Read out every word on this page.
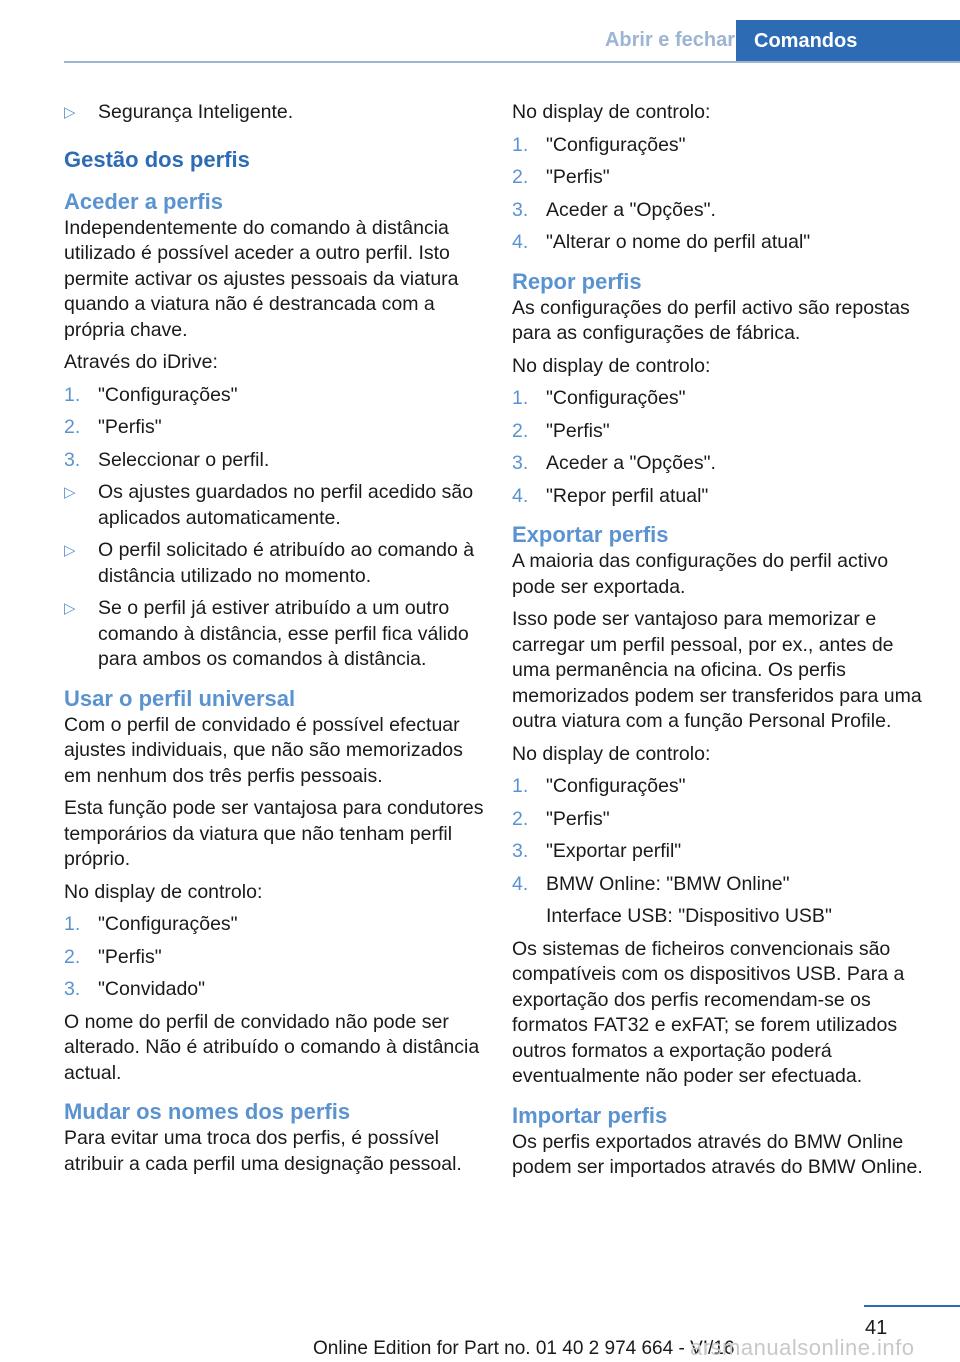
Abrir e fechar Comandos
▷	Segurança Inteligente.
Gestão dos perfis
Aceder a perfis

Independentemente do comando à distância utilizado é possível aceder a outro perfil. Isto permite activar os ajustes pessoais da viatura quando a viatura não é destrancada com a própria chave.

Através do iDrive:

1. "Configurações"
2. "Perfis"
3. Seleccionar o perfil.
▷	Os ajustes guardados no perfil acedido são aplicados automaticamente.
▷	O perfil solicitado é atribuído ao comando à distância utilizado no momento.
▷	Se o perfil já estiver atribuído a um outro comando à distância, esse perfil fica válido para ambos os comandos à distância.
Usar o perfil universal

Com o perfil de convidado é possível efectuar ajustes individuais, que não são memorizados em nenhum dos três perfis pessoais.

Esta função pode ser vantajosa para condutores temporários da viatura que não tenham perfil próprio.

No display de controlo:

1. "Configurações"
2. "Perfis"
3. "Convidado"

O nome do perfil de convidado não pode ser alterado. Não é atribuído o comando à distância actual.

Mudar os nomes dos perfis

Para evitar uma troca dos perfis, é possível atribuir a cada perfil uma designação pessoal.

No display de controlo:

1. "Configurações"
2. "Perfis"
3. Aceder a "Opções".
4. "Alterar o nome do perfil atual"
Repor perfis

As configurações do perfil activo são repostas para as configurações de fábrica.

No display de controlo:

1. "Configurações"
2. "Perfis"
3. Aceder a "Opções".
4. "Repor perfil atual"
Exportar perfis

A maioria das configurações do perfil activo pode ser exportada.

Isso pode ser vantajoso para memorizar e carregar um perfil pessoal, por ex., antes de uma permanência na oficina. Os perfis memorizados podem ser transferidos para uma outra viatura com a função Personal Profile.

No display de controlo:

1. "Configurações"
2. "Perfis"
3. "Exportar perfil"
4. BMW Online: "BMW Online"
Interface USB: "Dispositivo USB"

Os sistemas de ficheiros convencionais são compatíveis com os dispositivos USB. Para a exportação dos perfis recomendam-se os formatos FAT32 e exFAT; se forem utilizados outros formatos a exportação poderá eventualmente não poder ser efectuada.

Importar perfis

Os perfis exportados através do BMW Online podem ser importados através do BMW Online.

41
Online Edition for Part no. 01 40 2 974 664 - VI/16
arsmanualsonline.info
